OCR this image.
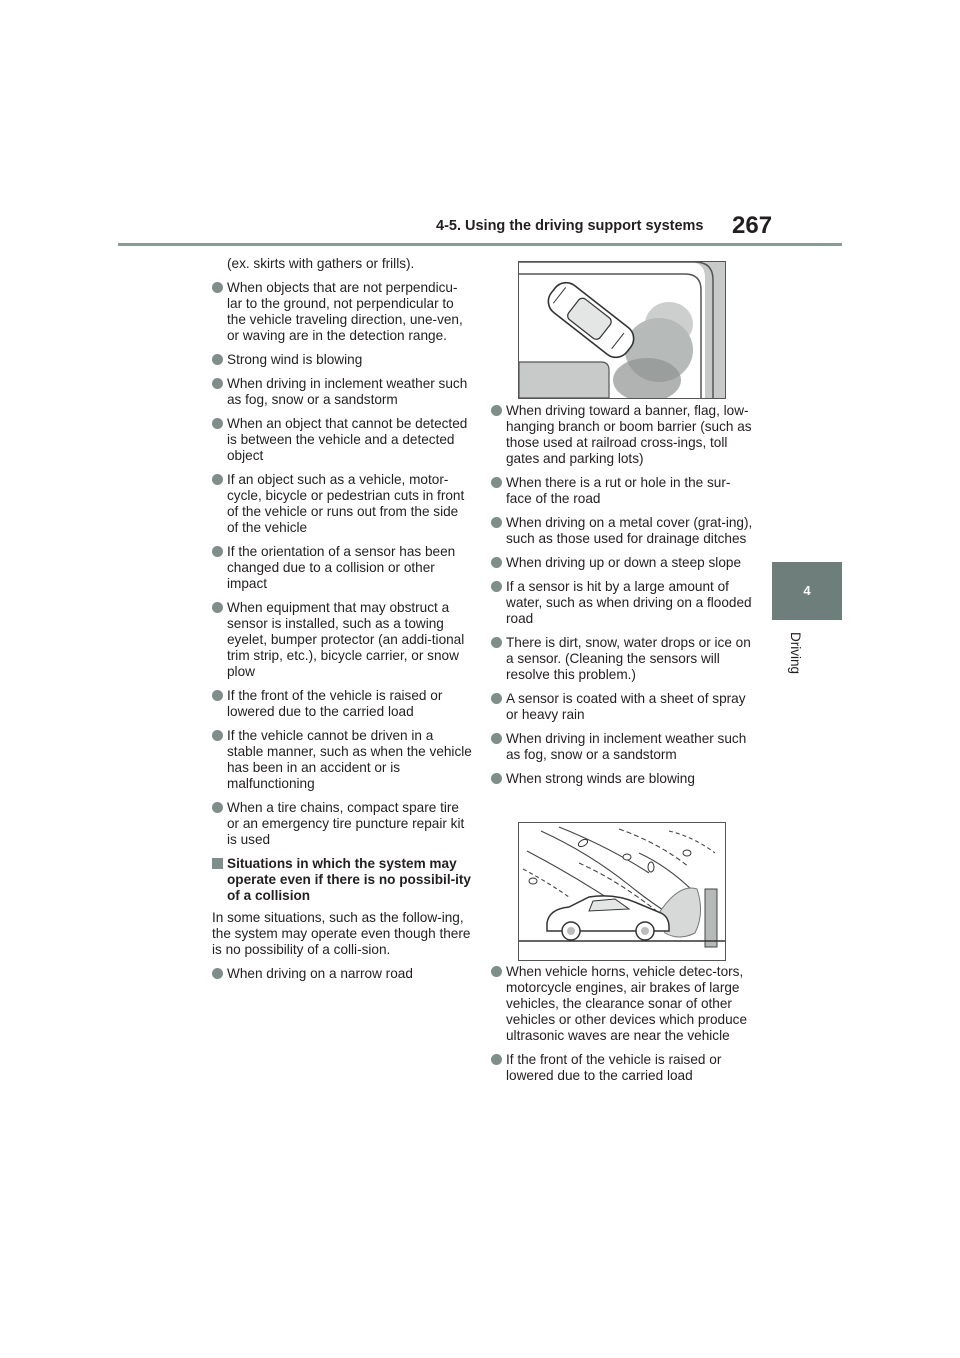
4-5. Using the driving support systems 267
4
Driving
(ex. skirts with gathers or frills).
When objects that are not perpendicu-lar to the ground, not perpendicular to the vehicle traveling direction, une-ven, or waving are in the detection range.
Strong wind is blowing
When driving in inclement weather such as fog, snow or a sandstorm
When an object that cannot be detected is between the vehicle and a detected object
If an object such as a vehicle, motor-cycle, bicycle or pedestrian cuts in front of the vehicle or runs out from the side of the vehicle
If the orientation of a sensor has been changed due to a collision or other impact
When equipment that may obstruct a sensor is installed, such as a towing eyelet, bumper protector (an addi-tional trim strip, etc.), bicycle carrier, or snow plow
If the front of the vehicle is raised or lowered due to the carried load
If the vehicle cannot be driven in a stable manner, such as when the vehicle has been in an accident or is malfunctioning
When a tire chains, compact spare tire or an emergency tire puncture repair kit is used
Situations in which the system may operate even if there is no possibil-ity of a collision
In some situations, such as the follow-ing, the system may operate even though there is no possibility of a colli-sion.
When driving on a narrow road
When driving toward a banner, flag, low-hanging branch or boom barrier (such as those used at railroad cross-ings, toll gates and parking lots)
When there is a rut or hole in the sur-face of the road
When driving on a metal cover (grat-ing), such as those used for drainage ditches
When driving up or down a steep slope
If a sensor is hit by a large amount of water, such as when driving on a flooded road
There is dirt, snow, water drops or ice on a sensor. (Cleaning the sensors will resolve this problem.)
A sensor is coated with a sheet of spray or heavy rain
When driving in inclement weather such as fog, snow or a sandstorm
When strong winds are blowing
When vehicle horns, vehicle detec-tors, motorcycle engines, air brakes of large vehicles, the clearance sonar of other vehicles or other devices which produce ultrasonic waves are near the vehicle
If the front of the vehicle is raised or lowered due to the carried load
